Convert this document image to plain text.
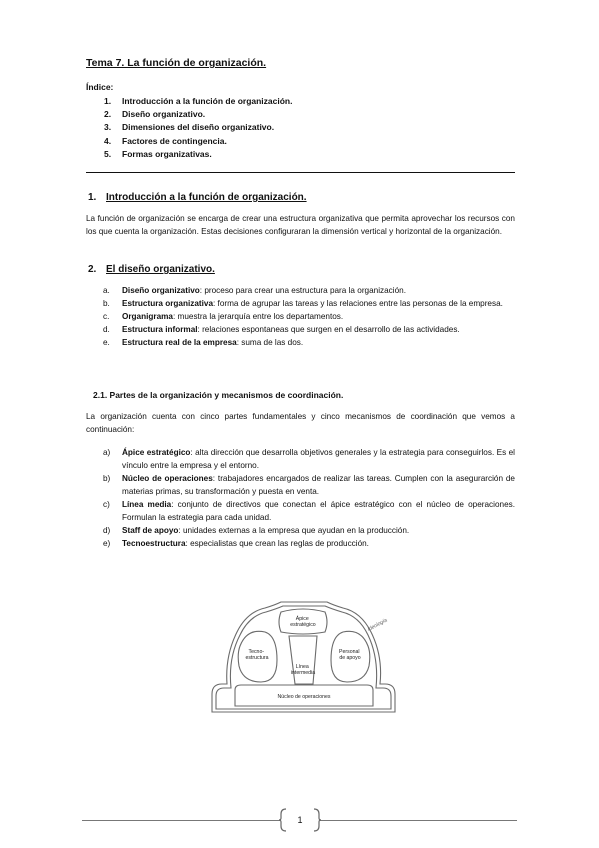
Tema 7. La función de organización.
Índice:
1. Introducción a la función de organización.
2. Diseño organizativo.
3. Dimensiones del diseño organizativo.
4. Factores de contingencia.
5. Formas organizativas.
1. Introducción a la función de organización.

La función de organización se encarga de crear una estructura organizativa que permita aprovechar los recursos con los que cuenta la organización. Estas decisiones configuraran la dimensión vertical y horizontal de la organización.

2. El diseño organizativo.
a. Diseño organizativo: proceso para crear una estructura para la organización.
b. Estructura organizativa: forma de agrupar las tareas y las relaciones entre las personas de la empresa.
c. Organigrama: muestra la jerarquía entre los departamentos.
d. Estructura informal: relaciones espontaneas que surgen en el desarrollo de las actividades.
e. Estructura real de la empresa: suma de las dos.
2.1. Partes de la organización y mecanismos de coordinación.

La organización cuenta con cinco partes fundamentales y cinco mecanismos de coordinación que vemos a continuación:

a) Ápice estratégico: alta dirección que desarrolla objetivos generales y la estrategia para conseguirlos. Es el vínculo entre la empresa y el entorno.
b) Núcleo de operaciones: trabajadores encargados de realizar las tareas. Cumplen con la asegurarción de materias primas, su transformación y puesta en venta.
c) Línea media: conjunto de directivos que conectan el ápice estratégico con el núcleo de operaciones. Formulan la estrategia para cada unidad.
d) Staff de apoyo: unidades externas a la empresa que ayudan en la producción.
e) Tecnoestructura: especialistas que crean las reglas de producción.
Ápice estratégico
Tecno- estructura
Personal de apoyo
Línea intermedia
Núcleo de operaciones
Ideología
1
